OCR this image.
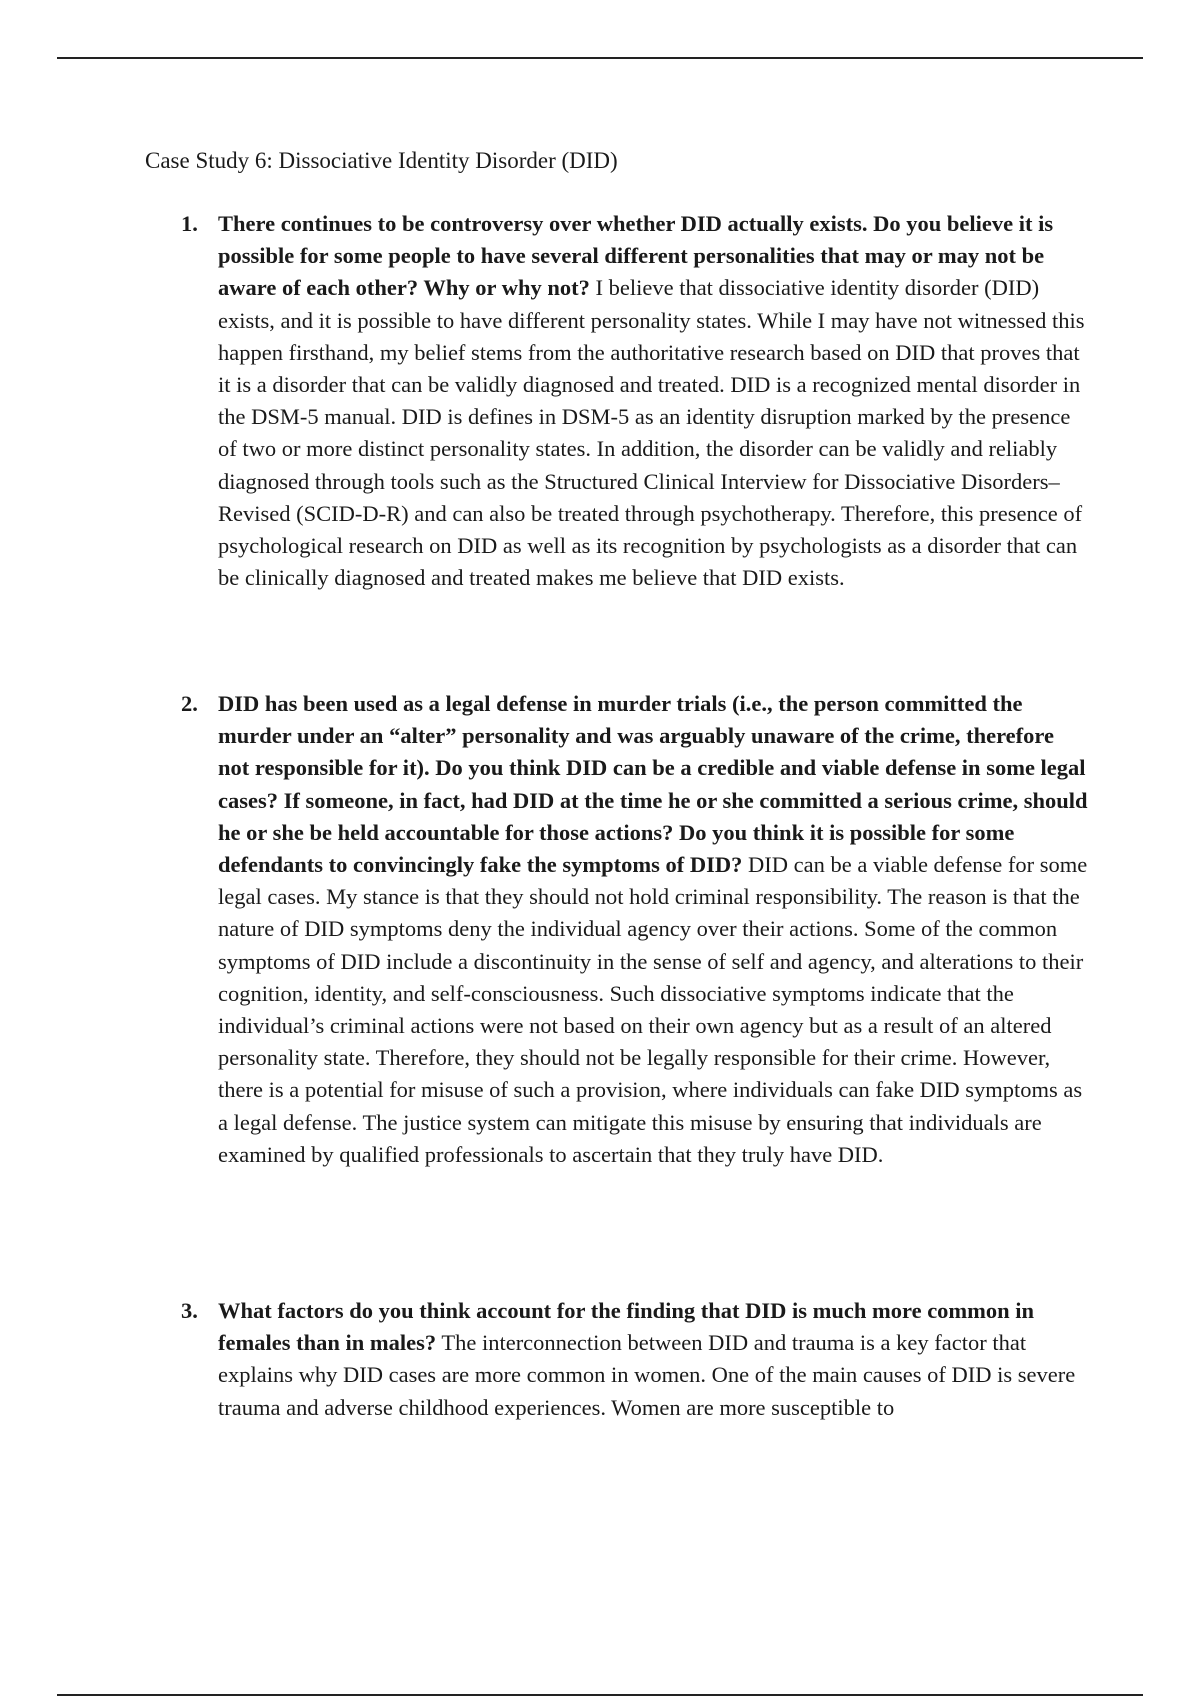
Case Study 6: Dissociative Identity Disorder (DID)
1. There continues to be controversy over whether DID actually exists. Do you believe it is possible for some people to have several different personalities that may or may not be aware of each other? Why or why not? I believe that dissociative identity disorder (DID) exists, and it is possible to have different personality states. While I may have not witnessed this happen firsthand, my belief stems from the authoritative research based on DID that proves that it is a disorder that can be validly diagnosed and treated. DID is a recognized mental disorder in the DSM-5 manual. DID is defines in DSM-5 as an identity disruption marked by the presence of two or more distinct personality states. In addition, the disorder can be validly and reliably diagnosed through tools such as the Structured Clinical Interview for Dissociative Disorders–Revised (SCID-D-R) and can also be treated through psychotherapy. Therefore, this presence of psychological research on DID as well as its recognition by psychologists as a disorder that can be clinically diagnosed and treated makes me believe that DID exists.

2. DID has been used as a legal defense in murder trials (i.e., the person committed the murder under an “alter” personality and was arguably unaware of the crime, therefore not responsible for it). Do you think DID can be a credible and viable defense in some legal cases? If someone, in fact, had DID at the time he or she committed a serious crime, should he or she be held accountable for those actions? Do you think it is possible for some defendants to convincingly fake the symptoms of DID? DID can be a viable defense for some legal cases. My stance is that they should not hold criminal responsibility. The reason is that the nature of DID symptoms deny the individual agency over their actions. Some of the common symptoms of DID include a discontinuity in the sense of self and agency, and alterations to their cognition, identity, and self-consciousness. Such dissociative symptoms indicate that the individual’s criminal actions were not based on their own agency but as a result of an altered personality state. Therefore, they should not be legally responsible for their crime. However, there is a potential for misuse of such a provision, where individuals can fake DID symptoms as a legal defense. The justice system can mitigate this misuse by ensuring that individuals are examined by qualified professionals to ascertain that they truly have DID.

3. What factors do you think account for the finding that DID is much more common in females than in males? The interconnection between DID and trauma is a key factor that explains why DID cases are more common in women. One of the main causes of DID is severe trauma and adverse childhood experiences. Women are more susceptible to
